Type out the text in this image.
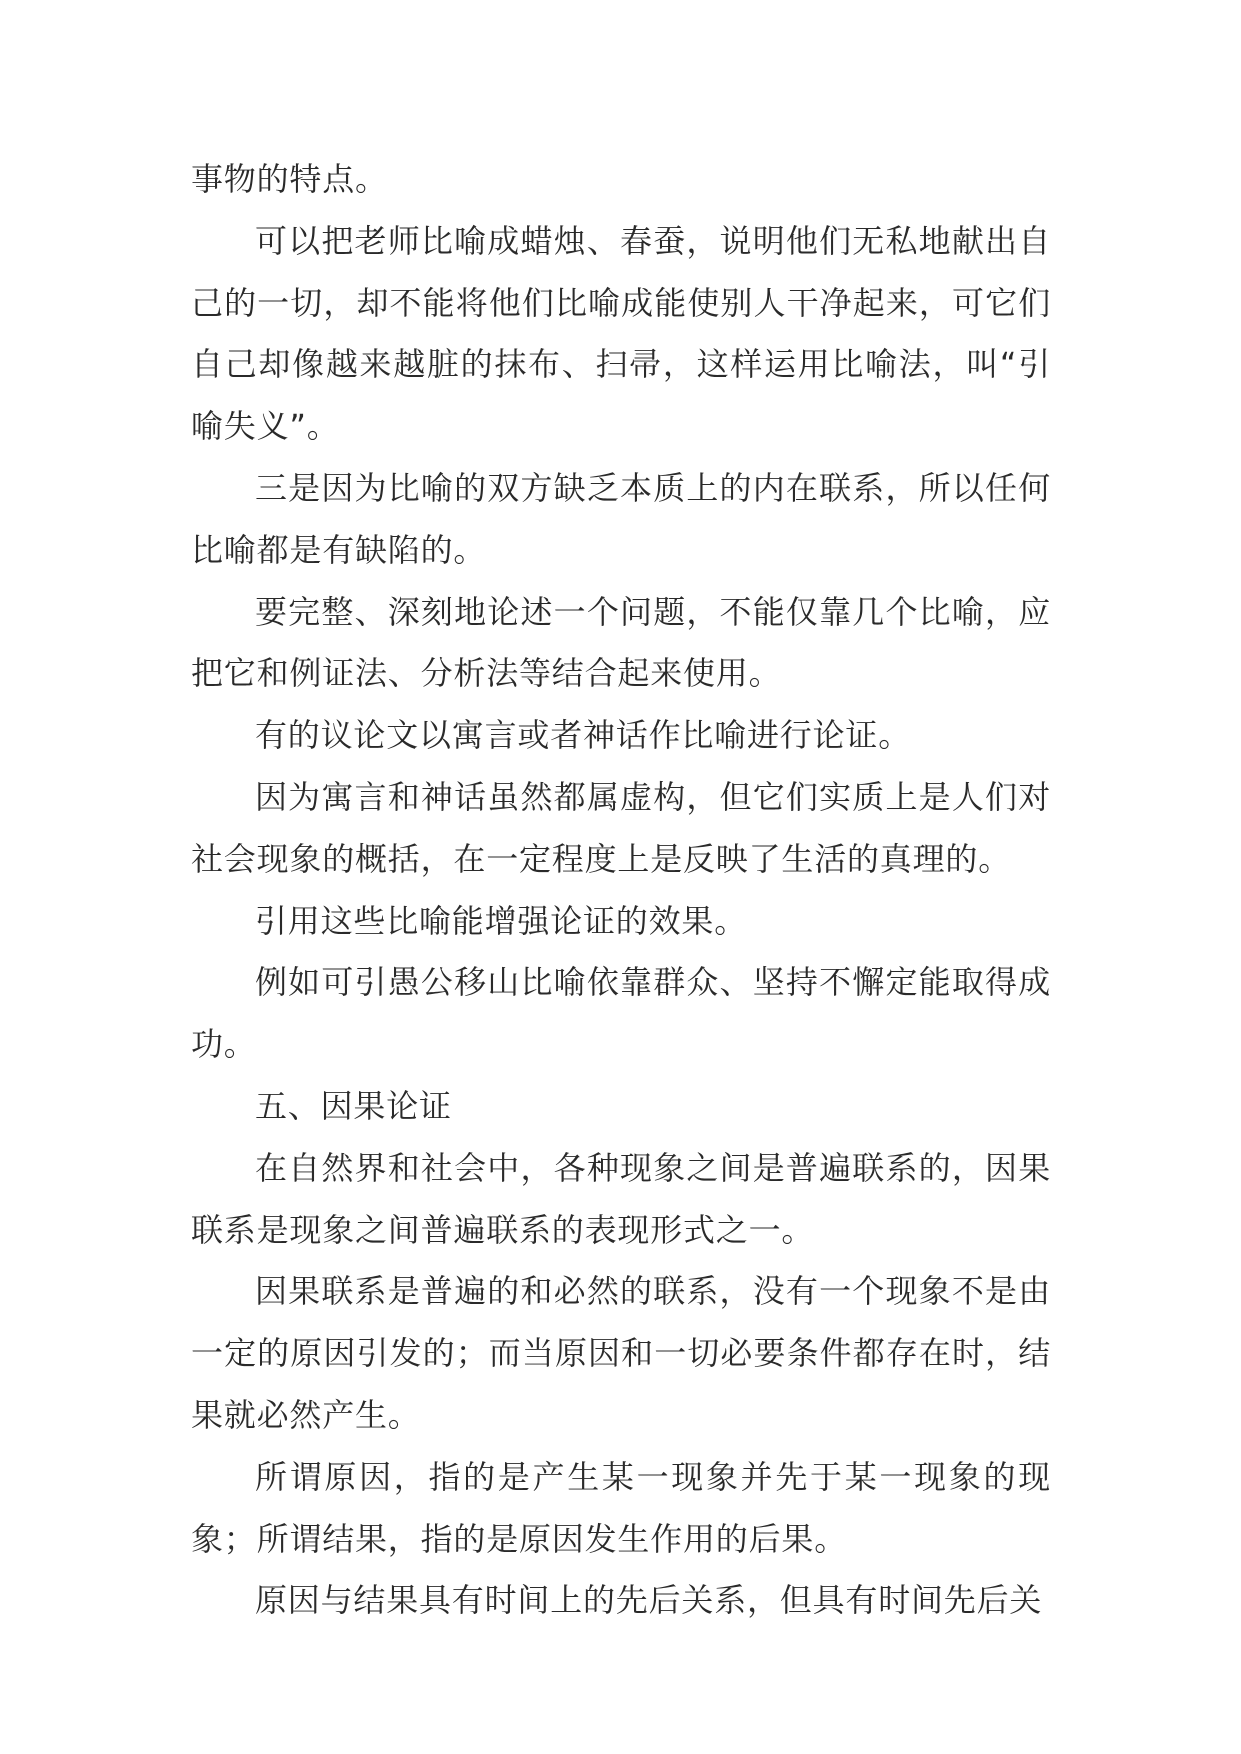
事物的特点。

可以把老师比喻成蜡烛、春蚕，说明他们无私地献出自己的一切，却不能将他们比喻成能使别人干净起来，可它们自己却像越来越脏的抹布、扫帚，这样运用比喻法，叫“引喻失义”。

三是因为比喻的双方缺乏本质上的内在联系，所以任何比喻都是有缺陷的。

要完整、深刻地论述一个问题，不能仅靠几个比喻，应把它和例证法、分析法等结合起来使用。

有的议论文以寓言或者神话作比喻进行论证。

因为寓言和神话虽然都属虚构，但它们实质上是人们对社会现象的概括，在一定程度上是反映了生活的真理的。

引用这些比喻能增强论证的效果。

例如可引愚公移山比喻依靠群众、坚持不懈定能取得成功。

五、因果论证

在自然界和社会中，各种现象之间是普遍联系的，因果联系是现象之间普遍联系的表现形式之一。

因果联系是普遍的和必然的联系，没有一个现象不是由一定的原因引发的；而当原因和一切必要条件都存在时，结果就必然产生。

所谓原因，指的是产生某一现象并先于某一现象的现象；所谓结果，指的是原因发生作用的后果。

原因与结果具有时间上的先后关系，但具有时间先后关
